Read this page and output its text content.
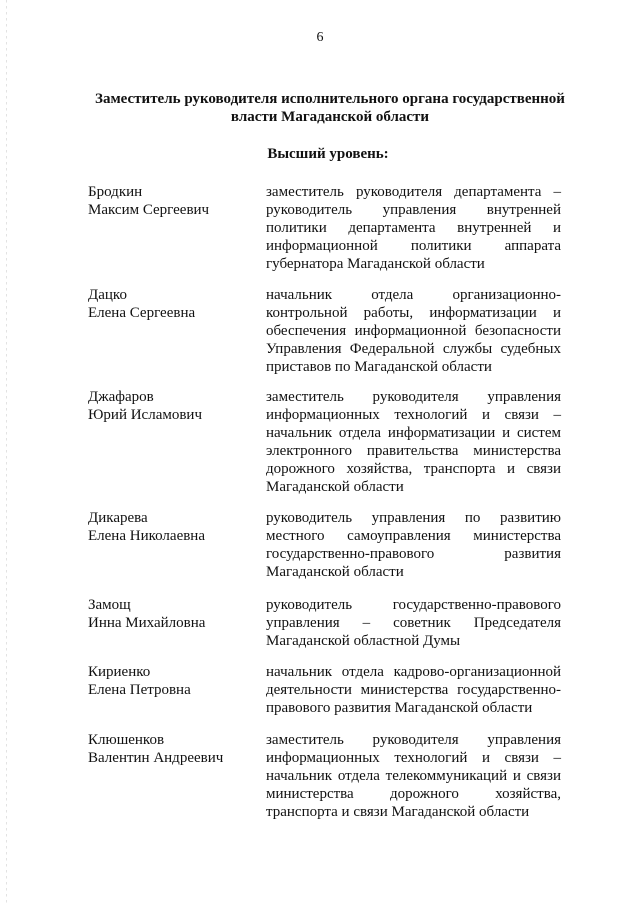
6
Заместитель руководителя исполнительного органа государственной
власти Магаданской области
Высший уровень:
Бродкин
Максим Сергеевич
заместитель руководителя департамента –
руководитель управления внутренней
политики департамента внутренней и
информационной политики аппарата
губернатора Магаданской области
Дацко
Елена Сергеевна
начальник отдела организационно-
контрольной работы, информатизации и
обеспечения информационной безопасности
Управления Федеральной службы судебных
приставов по Магаданской области
Джафаров
Юрий Исламович
заместитель руководителя управления
информационных технологий и связи –
начальник отдела информатизации и систем
электронного правительства министерства
дорожного хозяйства, транспорта и связи
Магаданской области
Дикарева
Елена Николаевна
руководитель управления по развитию
местного самоуправления министерства
государственно-правового развития
Магаданской области
Замощ
Инна Михайловна
руководитель государственно-правового
управления – советник Председателя
Магаданской областной Думы
Кириенко
Елена Петровна
начальник отдела кадрово-организационной
деятельности министерства государственно-
правового развития Магаданской области
Клюшенков
Валентин Андреевич
заместитель руководителя управления
информационных технологий и связи –
начальник отдела телекоммуникаций и связи
министерства дорожного хозяйства,
транспорта и связи Магаданской области
